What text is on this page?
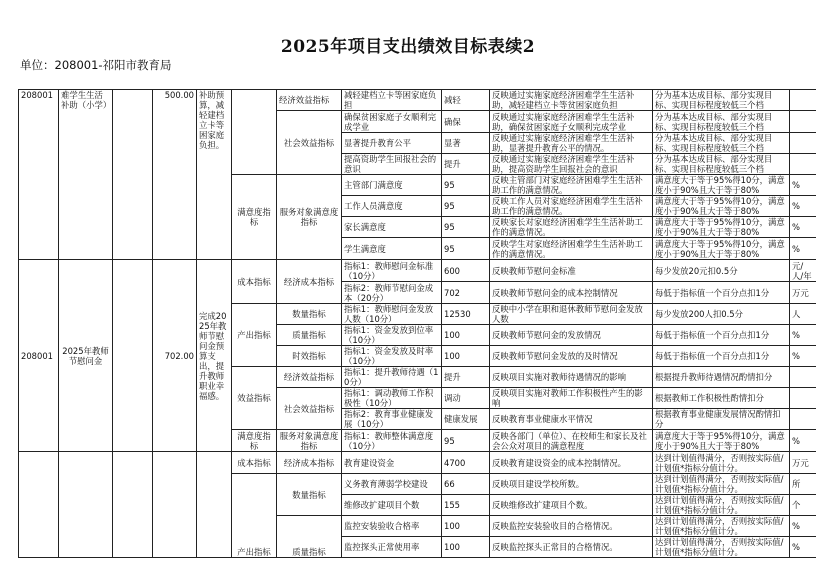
2025年项目支出绩效目标表续2
单位：208001-祁阳市教育局
208001	难学生生活补助（小学）		500.00	补助预算，减轻建档立卡等困家庭负担。		经济效益指标	减轻建档立卡等困家庭负担	减轻	反映通过实施家庭经济困难学生生活补助，减轻建档立卡等贫困家庭负担	分为基本达成目标、部分实现目标、实现目标程度较低三个档	
						社会效益指标	确保贫困家庭子女顺利完成学业	确保	反映通过实施家庭经济困难学生生活补助，确保贫困家庭子女顺利完成学业	分为基本达成目标、部分实现目标、实现目标程度较低三个档	
							显著提升教育公平	显著	反映通过实施家庭经济困难学生生活补助，显著提升教育公平的情况。	分为基本达成目标、部分实现目标、实现目标程度较低三个档	
							提高资助学生回报社会的意识	提升	反映通过实施家庭经济困难学生生活补助，提高资助学生回报社会的意识	分为基本达成目标、部分实现目标、实现目标程度较低三个档	
					满意度指标	服务对象满意度指标	主管部门满意度	95	反映主管部门对家庭经济困难学生生活补助工作的满意情况。	满意度大于等于95%得10分，满意度小于90%且大于等于80%	%
							工作人员满意度	95	反映工作人员对家庭经济困难学生生活补助工作的满意情况。	满意度大于等于95%得10分，满意度小于90%且大于等于80%	%
							家长满意度	95	反映家长对家庭经济困难学生生活补助工作的满意情况。	满意度大于等于95%得10分，满意度小于90%且大于等于80%	%
							学生满意度	95	反映学生对家庭经济困难学生生活补助工作的满意情况。	满意度大于等于95%得10分，满意度小于90%且大于等于80%	%
208001	2025年教师节慰问金		702.00	完成2025年教师节慰问金预算支出，提升教师职业幸福感。	成本指标	经济成本指标	指标1：教师慰问金标准（10分）	600	反映教师节慰问金标准	每少发放20元扣0.5分	元/人/年
							指标2：教师节慰问金成本（20分）	702	反映教师节慰问金的成本控制情况	每低于指标值一个百分点扣1分	万元
					产出指标	数量指标	指标1：教师慰问金发放人数（10分）	12530	反映中小学在职和退休教师节慰问金发放人数	每少发放200人扣0.5分	人
						质量指标	指标1：资金发放到位率（10分）	100	反映教师节慰问金的发放情况	每低于指标值一个百分点扣1分	%
						时效指标	指标1：资金发放及时率（10分）	100	反映教师节慰问金发放的及时情况	每低于指标值一个百分点扣1分	%
					效益指标	经济效益指标	指标1：提升教师待遇（10分）	提升	反映项目实施对教师待遇情况的影响	根据提升教师待遇情况酌情扣分	
						社会效益指标	指标1：调动教师工作积极性（10分）	调动	反映项目实施对教师工作积极性产生的影响	根据教师工作积极性酌情扣分	
							指标2：教育事业健康发展（10分）	健康发展	反映教育事业健康水平情况	根据教育事业健康发展情况酌情扣分	
					满意度指标	服务对象满意度指标	指标1：教师整体满意度（10分）	95	反映各部门（单位）、在校师生和家长及社会公众对项目的满意程度	满意度大于等于95%得10分，满意度小于90%且大于等于80%	%
					成本指标	经济成本指标	教育建设资金	4700	反映教育建设资金的成本控制情况。	达到计划值得满分，否则按实际值/计划值*指标分值计分。	万元
					产出指标	数量指标	义务教育薄弱学校建设	66	反映项目建设学校所数。	达到计划值得满分，否则按实际值/计划值*指标分值计分。	所
							维修改扩建项目个数	155	反映维修改扩建项目个数。	达到计划值得满分，否则按实际值/计划值*指标分值计分。	个
						质量指标	监控安装验收合格率	100	反映监控安装验收目的合格情况。	达到计划值得满分，否则按实际值/计划值*指标分值计分。	%
							监控探头正常使用率	100	反映监控探头正常目的合格情况。	达到计划值得满分，否则按实际值/计划值*指标分值计分。	%
